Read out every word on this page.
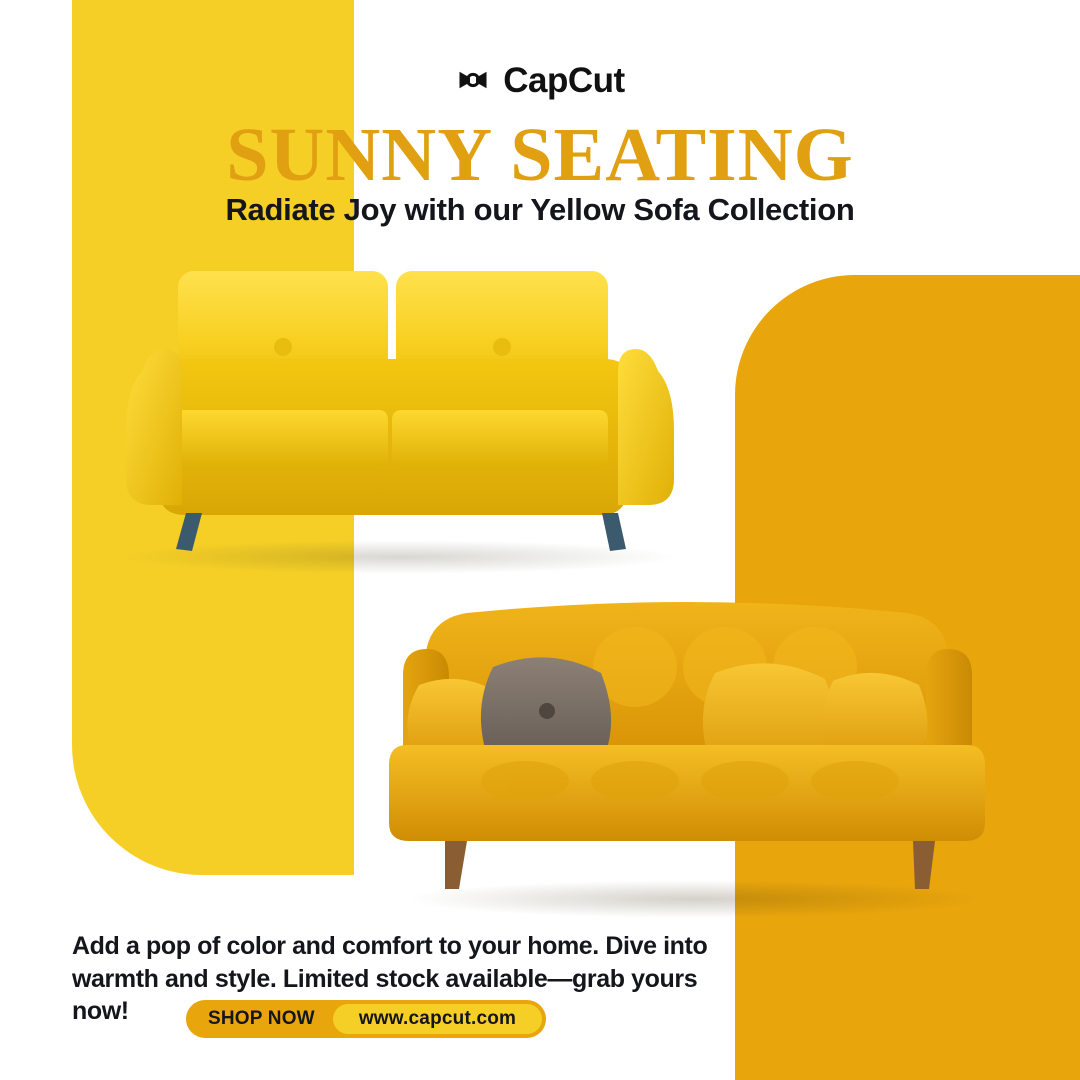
CapCut
SUNNY SEATING
Radiate Joy with our Yellow Sofa Collection
Add a pop of color and comfort to your home. Dive into warmth and style. Limited stock available—grab yours now!	SHOP NOW	www.capcut.com
